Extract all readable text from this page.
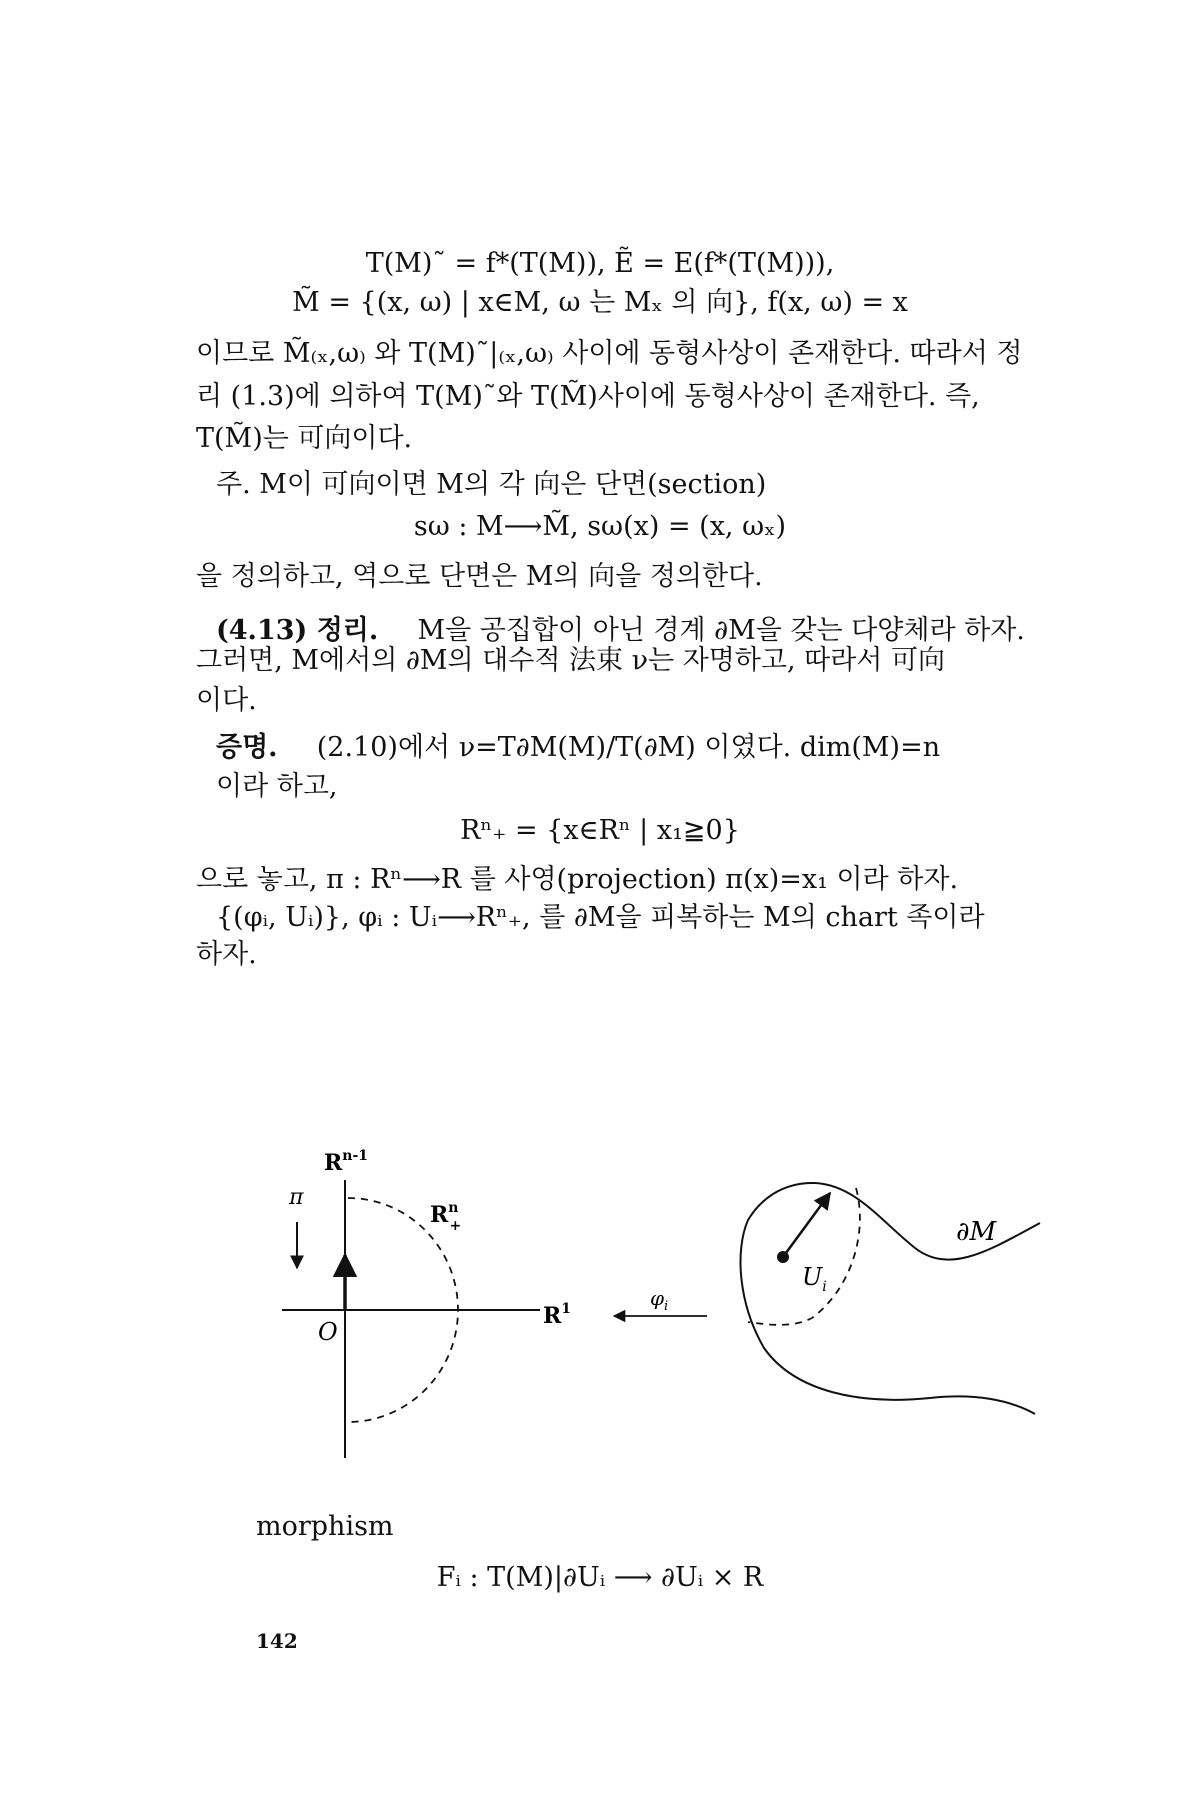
T(M)˜ = f*(T(M)), Ẽ = E(f*(T(M))),
M̃ = {(x, ω) | x∈M, ω 는 Mₓ 의 向}, f(x, ω) = x
이므로 M̃₍ₓ,ω₎ 와 T(M)˜|₍ₓ,ω₎ 사이에 동형사상이 존재한다. 따라서 정
리 (1.3)에 의하여 T(M)˜와 T(M̃)사이에 동형사상이 존재한다. 즉,
T(M̃)는 可向이다.
주. M이 可向이면 M의 각 向은 단면(section)
sω : M⟶M̃, sω(x) = (x, ωₓ)
을 정의하고, 역으로 단면은 M의 向을 정의한다.
(4.13) 정리. M을 공집합이 아닌 경계 ∂M을 갖는 다양체라 하자.
그러면, M에서의 ∂M의 대수적 法束 ν는 자명하고, 따라서 可向
이다.
증명. (2.10)에서 ν=T∂M(M)/T(∂M) 이였다. dim(M)=n
이라 하고,
Rⁿ₊ = {x∈Rⁿ | x₁≧0}
으로 놓고, π : Rⁿ⟶R 를 사영(projection) π(x)=x₁ 이라 하자.
{(φᵢ, Uᵢ)}, φᵢ : Uᵢ⟶Rⁿ₊, 를 ∂M을 피복하는 M의 chart 족이라
하자.
$R^{n-1}$
π
$R^n$ +
O
$R^1$	$\varphi_i$
$U_i$
∂M
morphism
Fᵢ : T(M)|∂Uᵢ ⟶ ∂Uᵢ × R
142
